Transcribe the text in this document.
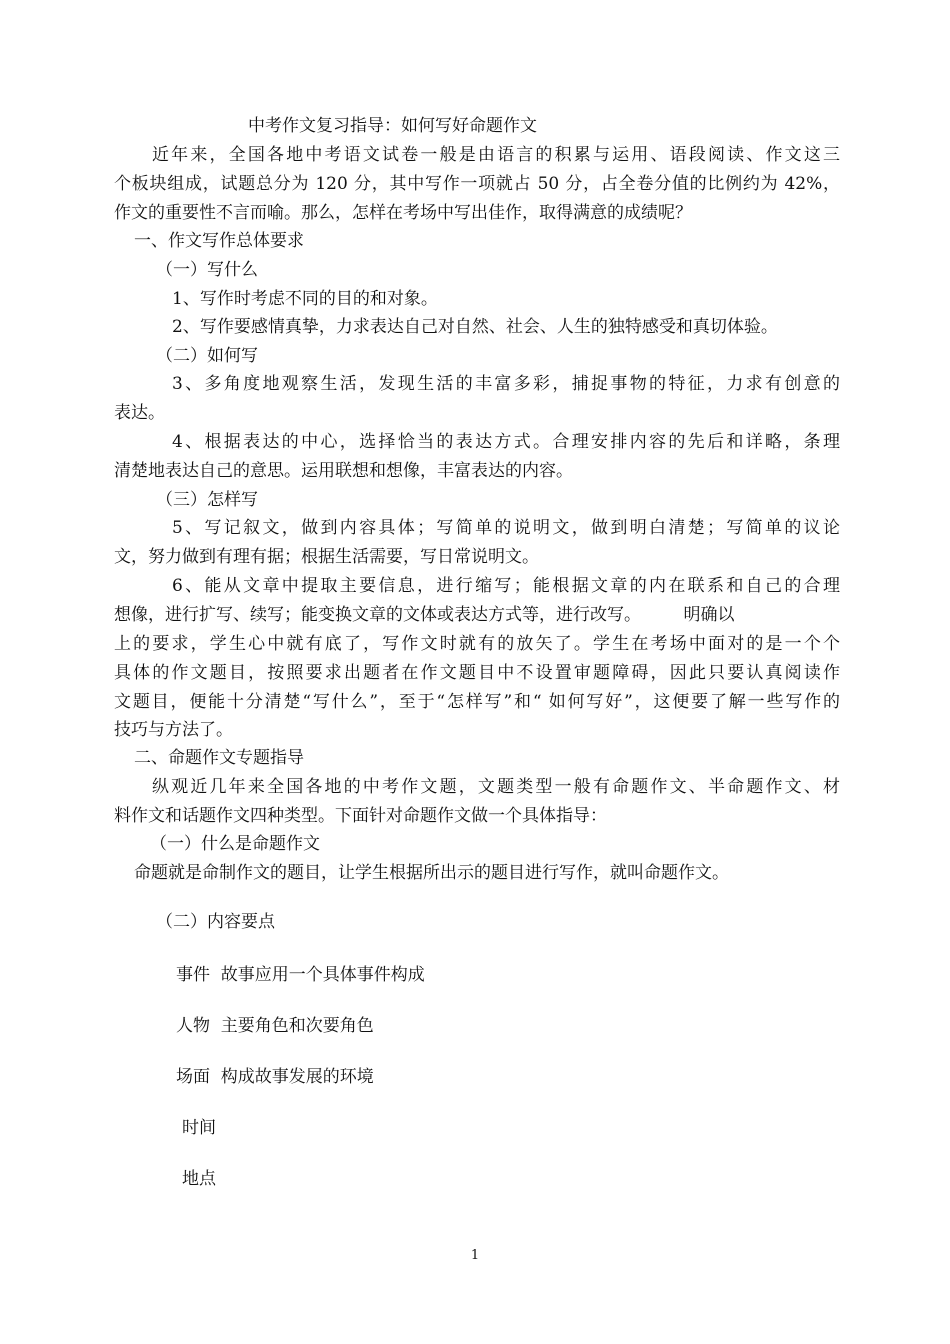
中考作文复习指导：如何写好命题作文
近年来，全国各地中考语文试卷一般是由语言的积累与运用、语段阅读、作文这三
个板块组成，试题总分为 120 分，其中写作一项就占 50 分，占全卷分值的比例约为 42%，
作文的重要性不言而喻。那么，怎样在考场中写出佳作，取得满意的成绩呢？
一、作文写作总体要求
（一）写什么
1、写作时考虑不同的目的和对象。
2、写作要感情真挚，力求表达自己对自然、社会、人生的独特感受和真切体验。
（二）如何写
3、多角度地观察生活，发现生活的丰富多彩，捕捉事物的特征，力求有创意的
表达。
4、根据表达的中心，选择恰当的表达方式。合理安排内容的先后和详略，条理
清楚地表达自己的意思。运用联想和想像，丰富表达的内容。
（三）怎样写
5、写记叙文，做到内容具体；写简单的说明文，做到明白清楚；写简单的议论
文，努力做到有理有据；根据生活需要，写日常说明文。
6、能从文章中提取主要信息，进行缩写；能根据文章的内在联系和自己的合理
想像，进行扩写、续写；能变换文章的文体或表达方式等，进行改写。　　　明确以
上的要求，学生心中就有底了，写作文时就有的放矢了。学生在考场中面对的是一个个
具体的作文题目，按照要求出题者在作文题目中不设置审题障碍，因此只要认真阅读作
文题目，便能十分清楚“写什么”，至于“怎样写”和“ 如何写好”，这便要了解一些写作的
技巧与方法了。
二、命题作文专题指导
纵观近几年来全国各地的中考作文题，文题类型一般有命题作文、半命题作文、材
料作文和话题作文四种类型。下面针对命题作文做一个具体指导：
（一）什么是命题作文
命题就是命制作文的题目，让学生根据所出示的题目进行写作，就叫命题作文。
（二）内容要点
事件  故事应用一个具体事件构成
人物  主要角色和次要角色
场面  构成故事发展的环境
时间
地点
1
